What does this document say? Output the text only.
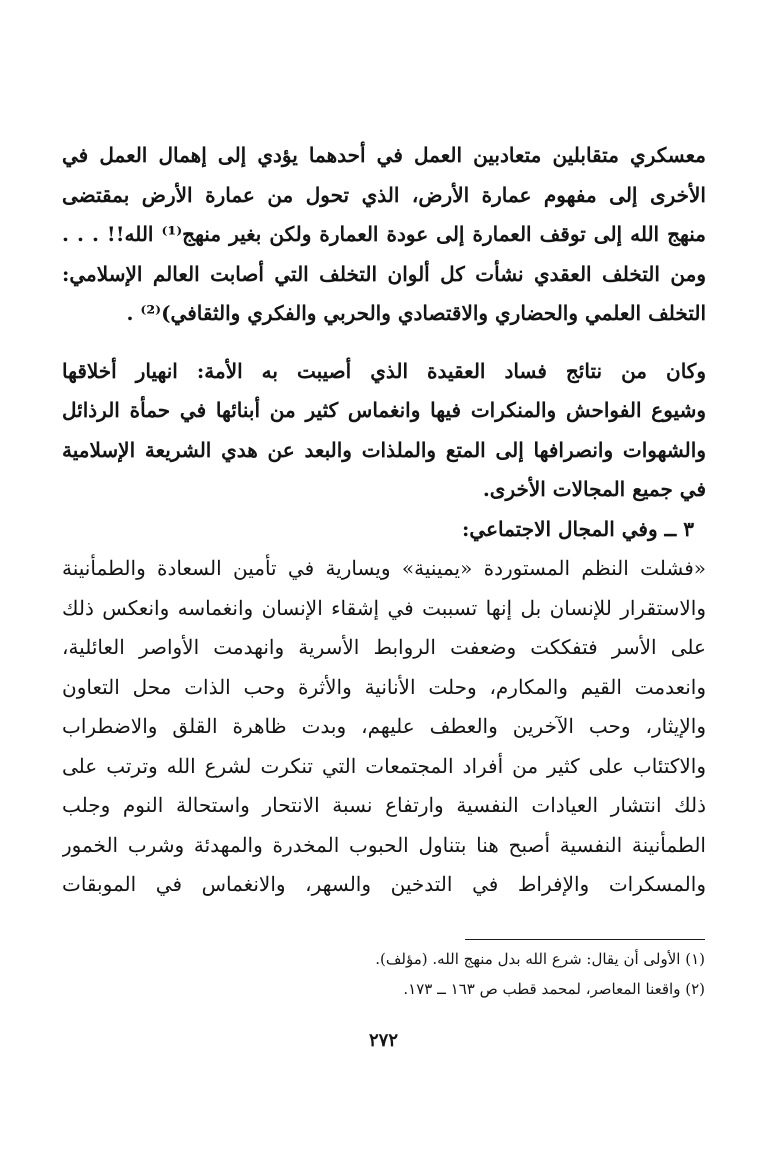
معسكري متقابلين متعادبين العمل في أحدهما يؤدي إلى إهمال العمل في
الأخرى إلى مفهوم عمارة الأرض، الذي تحول من عمارة الأرض بمقتضى
منهج الله إلى توقف العمارة إلى عودة العمارة ولكن بغير منهج⁽¹⁾ الله!! . . .
ومن التخلف العقدي نشأت كل ألوان التخلف التي أصابت العالم الإسلامي:
التخلف العلمي والحضاري والاقتصادي والحربي والفكري والثقافي)⁽²⁾ .
وكان من نتائج فساد العقيدة الذي أصيبت به الأمة: انهيار أخلاقها
وشيوع الفواحش والمنكرات فيها وانغماس كثير من أبنائها في حمأة الرذائل
والشهوات وانصرافها إلى المتع والملذات والبعد عن هدي الشريعة الإسلامية
في جميع المجالات الأخرى.
٣ ــ وفي المجال الاجتماعي:
«فشلت النظم المستوردة «يمينية» ويسارية في تأمين السعادة والطمأنينة
والاستقرار للإنسان بل إنها تسببت في إشقاء الإنسان وانغماسه وانعكس ذلك
على الأسر فتفككت وضعفت الروابط الأسرية وانهدمت الأواصر العائلية،
وانعدمت القيم والمكارم، وحلت الأنانية والأثرة وحب الذات محل التعاون
والإيثار، وحب الآخرين والعطف عليهم، وبدت ظاهرة القلق والاضطراب
والاكتئاب على كثير من أفراد المجتمعات التي تنكرت لشرع الله وترتب على
ذلك انتشار العيادات النفسية وارتفاع نسبة الانتحار واستحالة النوم وجلب
الطمأنينة النفسية أصبح هنا بتناول الحبوب المخدرة والمهدئة وشرب الخمور
والمسكرات والإفراط في التدخين والسهر، والانغماس في الموبقات
(١) الأولى أن يقال: شرع الله بدل منهج الله. (مؤلف).
(٢) واقعنا المعاصر، لمحمد قطب ص ١٦٣ ــ ١٧٣.
٢٧٢
